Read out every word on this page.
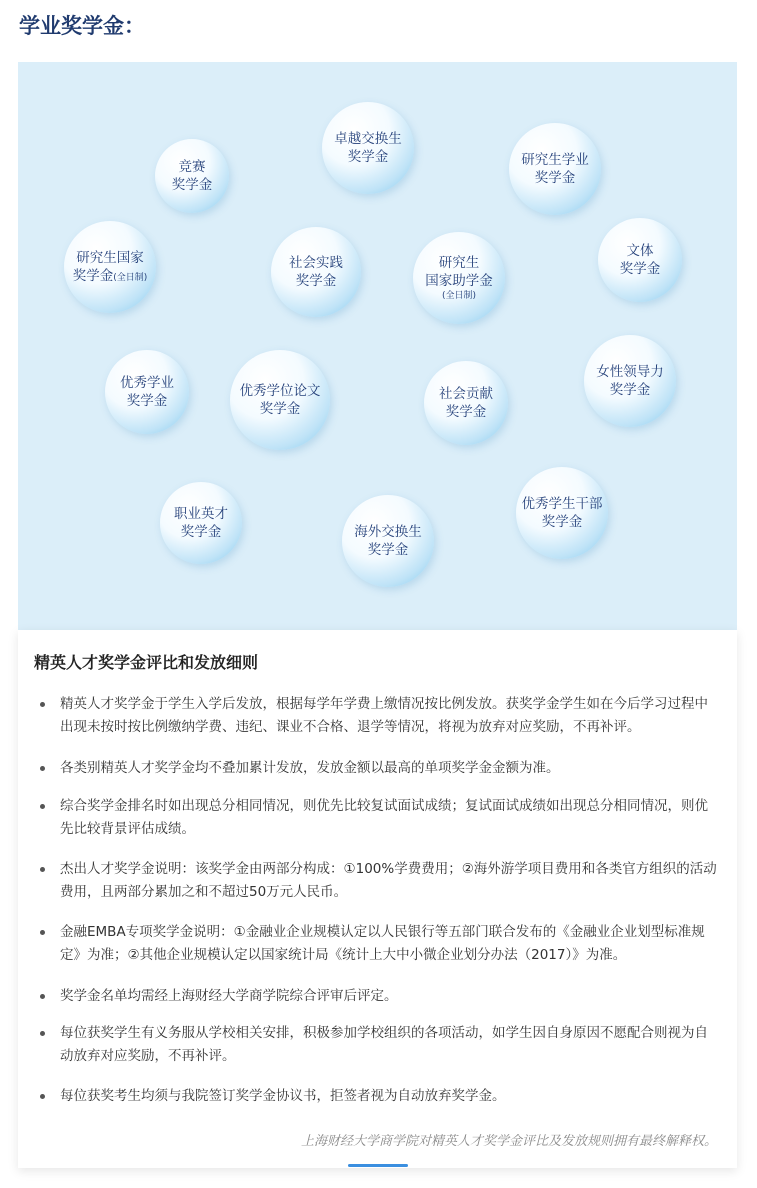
学业奖学金：
竞赛
奖学金
卓越交换生
奖学金	研究生学业
奖学金
研究生国家
奖学金(全日制)
社会实践
奖学金
研究生
国家助学金
(全日制)
文体
奖学金
优秀学业
奖学金
优秀学位论文
奖学金
社会贡献
奖学金
女性领导力
奖学金
职业英才
奖学金	海外交换生
奖学金
优秀学生干部
奖学金
精英人才奖学金评比和发放细则
精英人才奖学金于学生入学后发放，根据每学年学费上缴情况按比例发放。获奖学金学生如在今后学习过程中出现未按时按比例缴纳学费、违纪、课业不合格、退学等情况，将视为放弃对应奖励，不再补评。
各类别精英人才奖学金均不叠加累计发放，发放金额以最高的单项奖学金金额为准。
综合奖学金排名时如出现总分相同情况，则优先比较复试面试成绩；复试面试成绩如出现总分相同情况，则优先比较背景评估成绩。
杰出人才奖学金说明：该奖学金由两部分构成：①100%学费费用；②海外游学项目费用和各类官方组织的活动费用，且两部分累加之和不超过50万元人民币。
金融EMBA专项奖学金说明：①金融业企业规模认定以人民银行等五部门联合发布的《金融业企业划型标准规定》为准；②其他企业规模认定以国家统计局《统计上大中小微企业划分办法（2017）》为准。
奖学金名单均需经上海财经大学商学院综合评审后评定。
每位获奖学生有义务服从学校相关安排，积极参加学校组织的各项活动，如学生因自身原因不愿配合则视为自动放弃对应奖励，不再补评。
每位获奖考生均须与我院签订奖学金协议书，拒签者视为自动放弃奖学金。

上海财经大学商学院对精英人才奖学金评比及发放规则拥有最终解释权。
